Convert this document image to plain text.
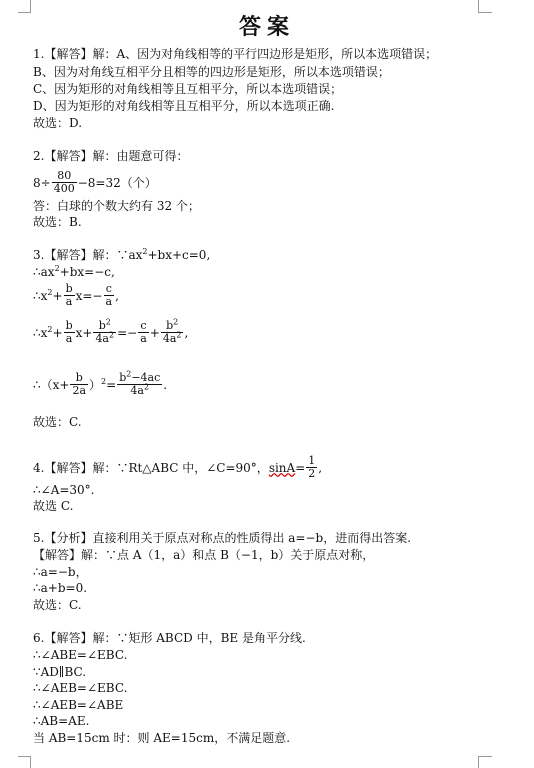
答案
1.【解答】解：A、因为对角线相等的平行四边形是矩形，所以本选项错误；
B、因为对角线互相平分且相等的四边形是矩形，所以本选项错误；
C、因为矩形的对角线相等且互相平分，所以本选项错误；
D、因为矩形的对角线相等且互相平分，所以本选项正确.
故选：D.
2.【解答】解：由题意可得：
$8\div \frac{80}{400} -8=32$（个）
答：白球的个数大约有 32 个；
故选：B.
3.【解答】解：$\because ax^2+bx+c=0$,
$\therefore ax^2+bx=-c$,
$\therefore x^2+ \frac{b}{a} x=- \frac{c}{a}$ ,
$\therefore x^2+ \frac{b}{a} x+ \frac{b^2}{4a^2} =- \frac{c}{a} + \frac{b^2}{4a^2}$ ,
∴（x+ $\frac{b}{2a} )^2= \frac{b^2-4ac}{4a^2}$ .
故选：C.
4.【解答】解：∵Rt△ABC 中，∠C=90°，$\sin A= \frac{1}{2}$ ,
∴∠A=30°.
故选 C.
5.【分析】直接利用关于原点对称点的性质得出 a=−b，进而得出答案.
【解答】解：∵点 A（1，a）和点 B（−1，b）关于原点对称，
∴a=−b，
∴a+b=0.
故选：C.
6.【解答】解：∵矩形 ABCD 中，BE 是角平分线.
∴∠ABE=∠EBC.
∵AD∥BC.
∴∠AEB=∠EBC.
∴∠AEB=∠ABE
∴AB=AE.
当 AB=15cm 时：则 AE=15cm，不满足题意.
